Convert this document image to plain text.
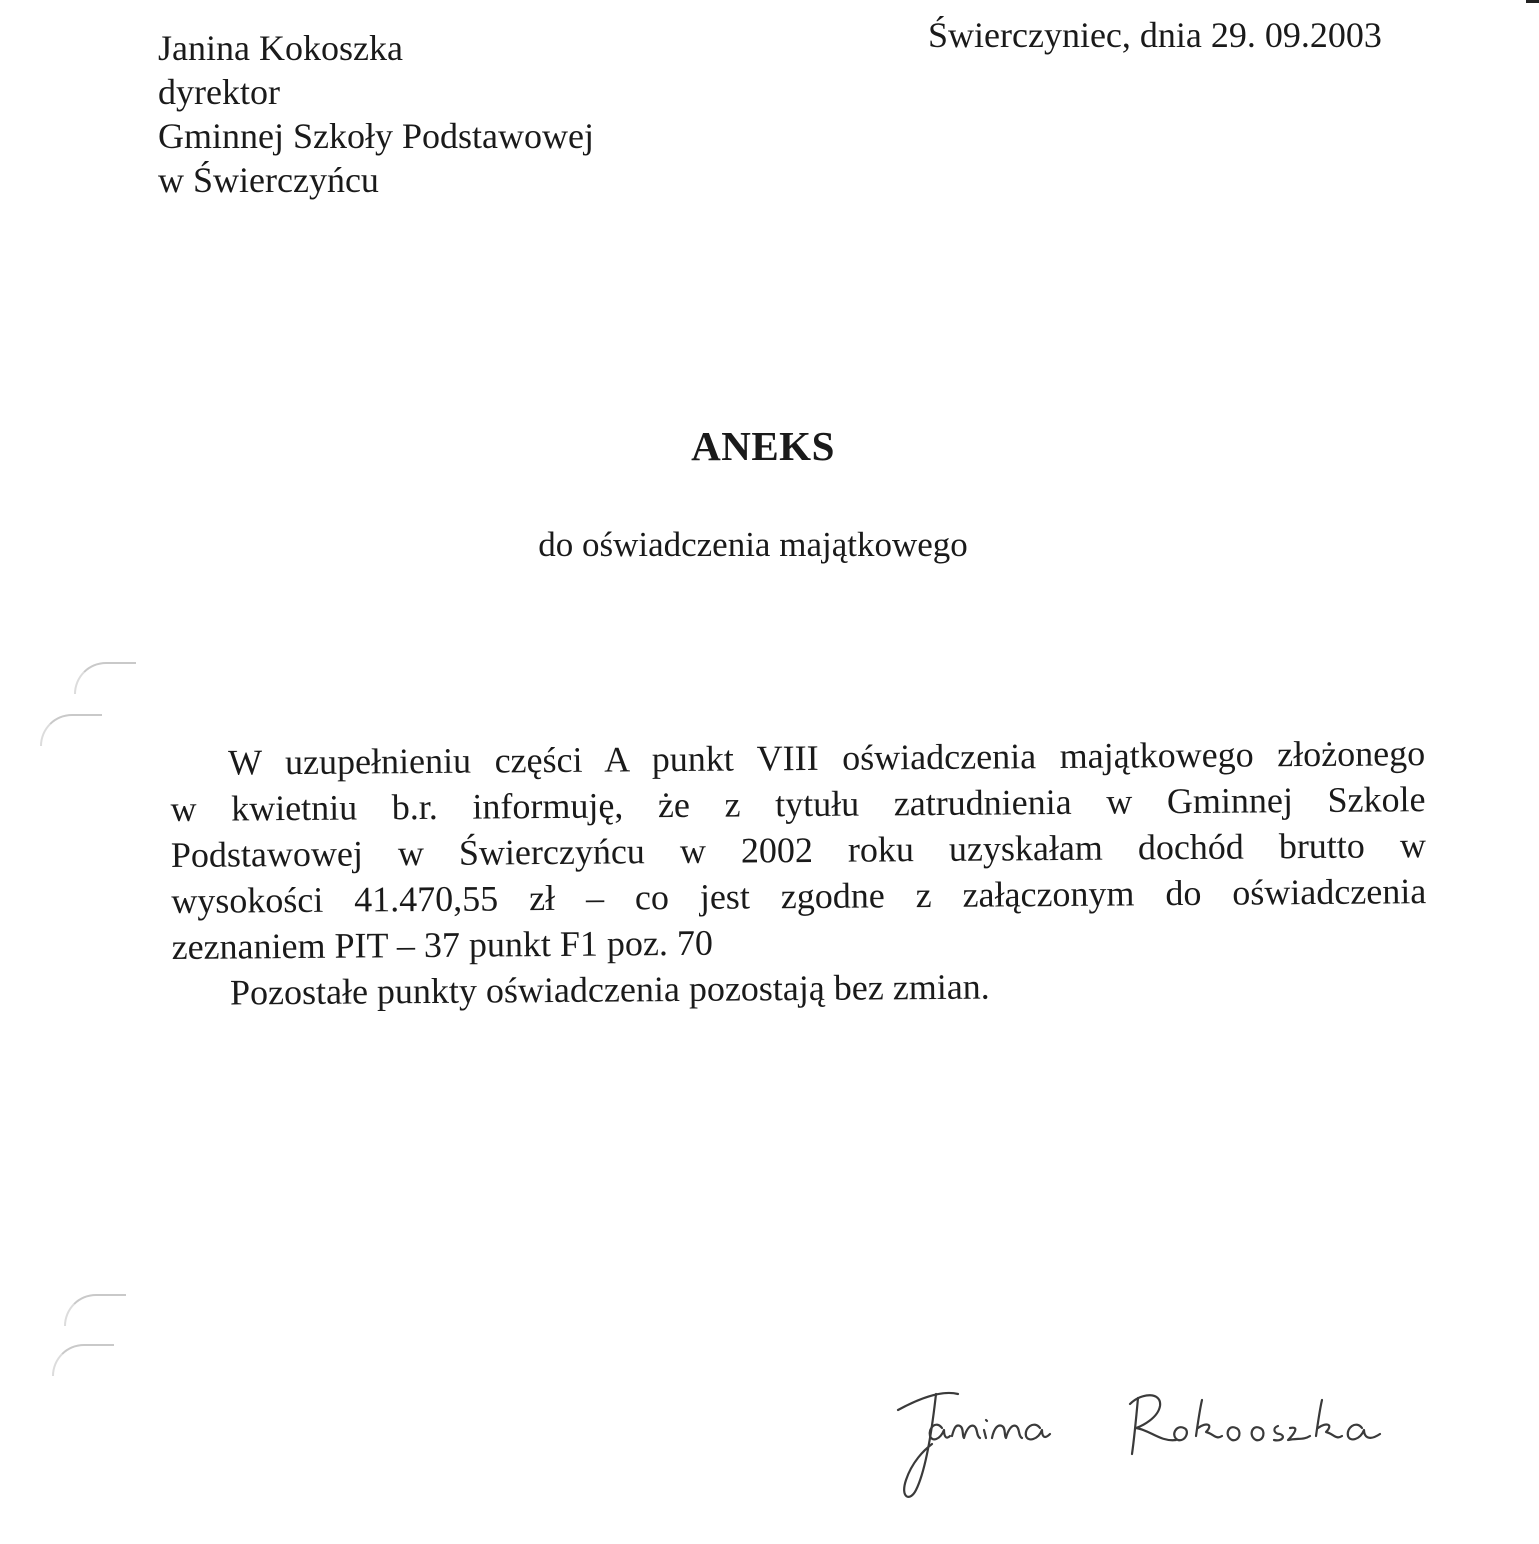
Janina Kokoszka
dyrektor
Gminnej Szkoły Podstawowej
w Świerczyńcu
Świerczyniec, dnia 29. 09.2003
ANEKS
do oświadczenia majątkowego
W uzupełnieniu części A punkt VIII oświadczenia majątkowego złożonego
w kwietniu b.r. informuję, że z tytułu zatrudnienia w Gminnej Szkole
Podstawowej w Świerczyńcu w 2002 roku uzyskałam dochód brutto w
wysokości 41.470,55 zł – co jest zgodne z załączonym do oświadczenia
zeznaniem PIT – 37 punkt F1 poz. 70
Pozostałe punkty oświadczenia pozostają bez zmian.
